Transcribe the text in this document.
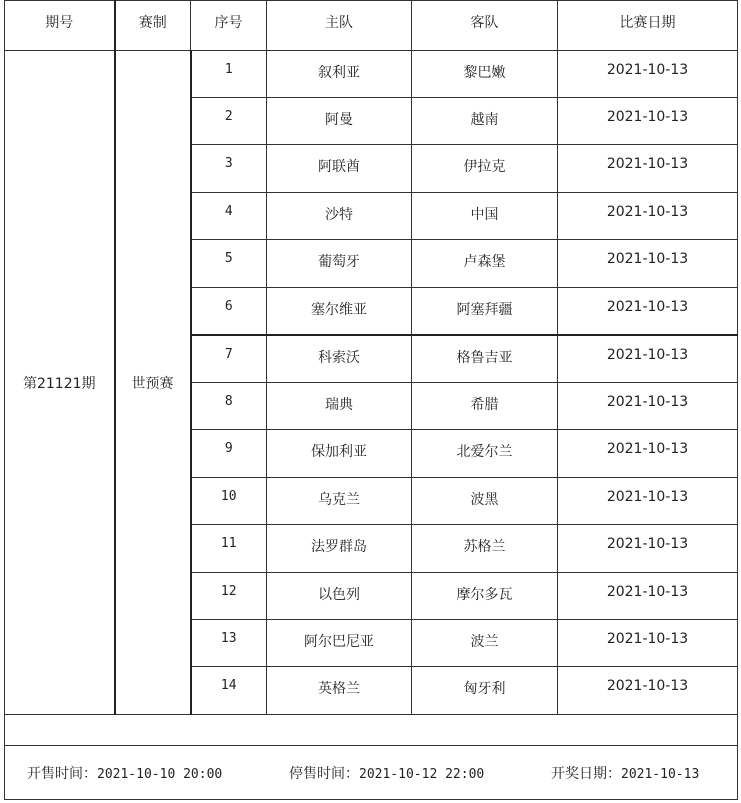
期号	赛制	序号	主队	客队	比赛日期
第21121期	世预赛	1	叙利亚	黎巴嫩	2021-10-13
		2	阿曼	越南	2021-10-13
		3	阿联酋	伊拉克	2021-10-13
		4	沙特	中国	2021-10-13
		5	葡萄牙	卢森堡	2021-10-13
		6	塞尔维亚	阿塞拜疆	2021-10-13
		7	科索沃	格鲁吉亚	2021-10-13
		8	瑞典	希腊	2021-10-13
		9	保加利亚	北爱尔兰	2021-10-13
		10	乌克兰	波黑	2021-10-13
		11	法罗群岛	苏格兰	2021-10-13
		12	以色列	摩尔多瓦	2021-10-13
		13	阿尔巴尼亚	波兰	2021-10-13
		14	英格兰	匈牙利	2021-10-13

开售时间：2021-10-10 20:00 停售时间：2021-10-12 22:00 开奖日期：2021-10-13					
